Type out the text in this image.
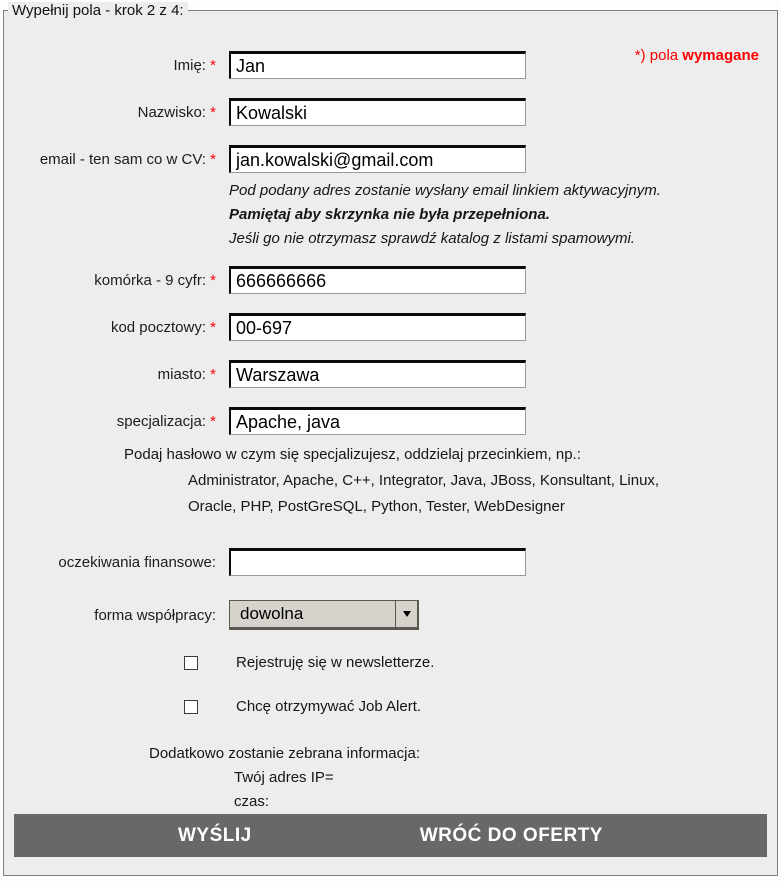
Wypełnij pola - krok 2 z 4:
*) pola wymagane
Imię: *
Jan
Nazwisko: *
Kowalski
email - ten sam co w CV: *
jan.kowalski@gmail.com
Pod podany adres zostanie wysłany email linkiem aktywacyjnym.
Pamiętaj aby skrzynka nie była przepełniona.
Jeśli go nie otrzymasz sprawdź katalog z listami spamowymi.
komórka - 9 cyfr: *
666666666
kod pocztowy: *
00-697
miasto: *
Warszawa
specjalizacja: *
Apache, java
Podaj hasłowo w czym się specjalizujesz, oddzielaj przecinkiem, np.:
Administrator, Apache, C++, Integrator, Java, JBoss, Konsultant, Linux,
Oracle, PHP, PostGreSQL, Python, Tester, WebDesigner
oczekiwania finansowe:
forma współpracy:	dowolna
Rejestruję się w newsletterze.
Chcę otrzymywać Job Alert.
Dodatkowo zostanie zebrana informacja:
Twój adres IP=
czas:
WYŚLIJ	WRÓĆ DO OFERTY
